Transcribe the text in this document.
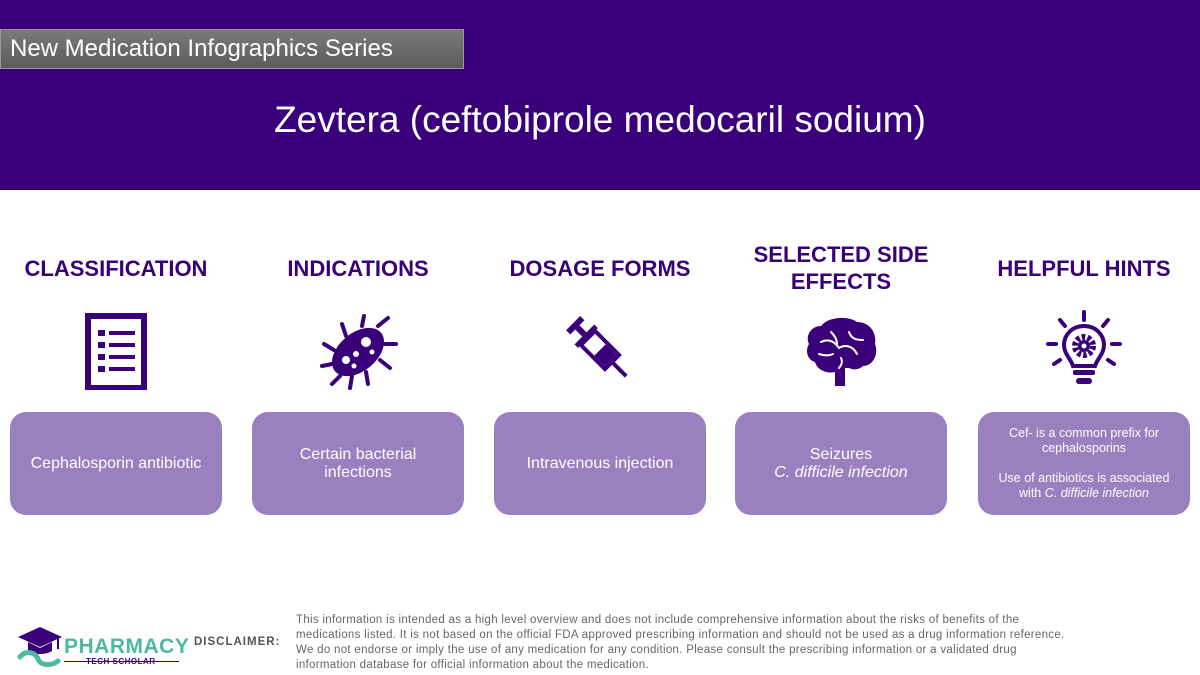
New Medication Infographics Series
Zevtera (ceftobiprole medocaril sodium)
CLASSIFICATION
Cephalosporin antibiotic
INDICATIONS
Certain bacterial infections
DOSAGE FORMS
Intravenous injection
SELECTED SIDE EFFECTS
Seizures
C. difficile infection
HELPFUL HINTS
Cef- is a common prefix for cephalosporins
Use of antibiotics is associated with C. difficile infection
PHARMACY
TECH SCHOLAR
DISCLAIMER:
This information is intended as a high level overview and does not include comprehensive information about the risks of benefits of the medications listed. It is not based on the official FDA approved prescribing information and should not be used as a drug information reference. We do not endorse or imply the use of any medication for any condition. Please consult the prescribing information or a validated drug information database for official information about the medication.
